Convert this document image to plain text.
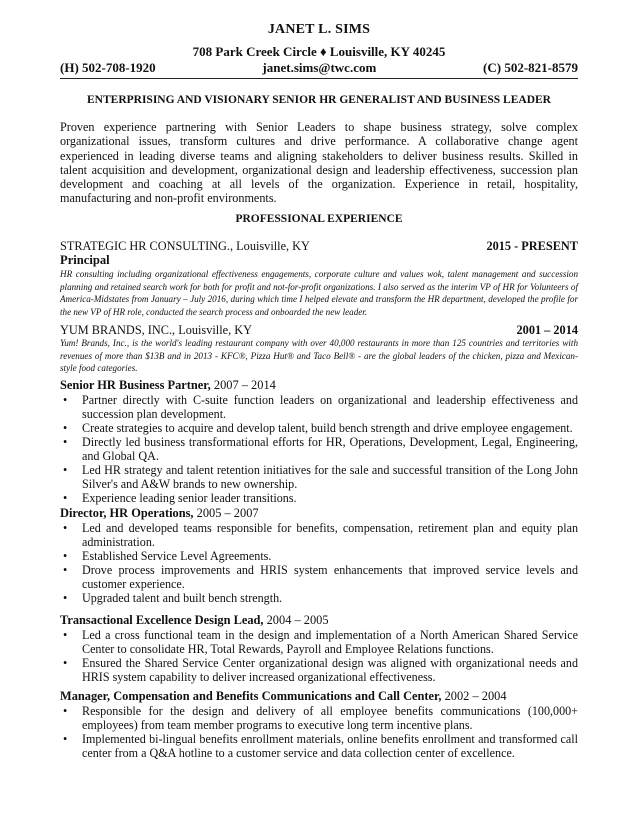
JANET L. SIMS
708 Park Creek Circle ♦ Louisville, KY 40245
(H) 502-708-1920	janet.sims@twc.com	(C) 502-821-8579
ENTERPRISING AND VISIONARY SENIOR HR GENERALIST AND BUSINESS LEADER
Proven experience partnering with Senior Leaders to shape business strategy, solve complex organizational issues, transform cultures and drive performance. A collaborative change agent experienced in leading diverse teams and aligning stakeholders to deliver business results. Skilled in talent acquisition and development, organizational design and leadership effectiveness, succession plan development and coaching at all levels of the organization. Experience in retail, hospitality, manufacturing and non-profit environments.
PROFESSIONAL EXPERIENCE
STRATEGIC HR CONSULTING., Louisville, KY	2015 - PRESENT
Principal
HR consulting including organizational effectiveness engagements, corporate culture and values wok, talent management and succession planning and retained search work for both for profit and not-for-profit organizations. I also served as the interim VP of HR for Volunteers of America-Midstates from January – July 2016, during which time I helped elevate and transform the HR department, developed the profile for the new VP of HR role, conducted the search process and onboarded the new leader.
YUM BRANDS, INC., Louisville, KY	2001 – 2014
Yum! Brands, Inc., is the world's leading restaurant company with over 40,000 restaurants in more than 125 countries and territories with revenues of more than $13B and in 2013 - KFC®, Pizza Hut® and Taco Bell® - are the global leaders of the chicken, pizza and Mexican-style food categories.
Senior HR Business Partner, 2007 – 2014
• Partner directly with C-suite function leaders on organizational and leadership effectiveness and succession plan development.
• Create strategies to acquire and develop talent, build bench strength and drive employee engagement.
• Directly led business transformational efforts for HR, Operations, Development, Legal, Engineering, and Global QA.
• Led HR strategy and talent retention initiatives for the sale and successful transition of the Long John Silver's and A&W brands to new ownership.
• Experience leading senior leader transitions.
Director, HR Operations, 2005 – 2007
• Led and developed teams responsible for benefits, compensation, retirement plan and equity plan administration.
• Established Service Level Agreements.
• Drove process improvements and HRIS system enhancements that improved service levels and customer experience.
• Upgraded talent and built bench strength.
Transactional Excellence Design Lead, 2004 – 2005
• Led a cross functional team in the design and implementation of a North American Shared Service Center to consolidate HR, Total Rewards, Payroll and Employee Relations functions.
• Ensured the Shared Service Center organizational design was aligned with organizational needs and HRIS system capability to deliver increased organizational effectiveness.
Manager, Compensation and Benefits Communications and Call Center, 2002 – 2004
• Responsible for the design and delivery of all employee benefits communications (100,000+ employees) from team member programs to executive long term incentive plans.
• Implemented bi-lingual benefits enrollment materials, online benefits enrollment and transformed call center from a Q&A hotline to a customer service and data collection center of excellence.
